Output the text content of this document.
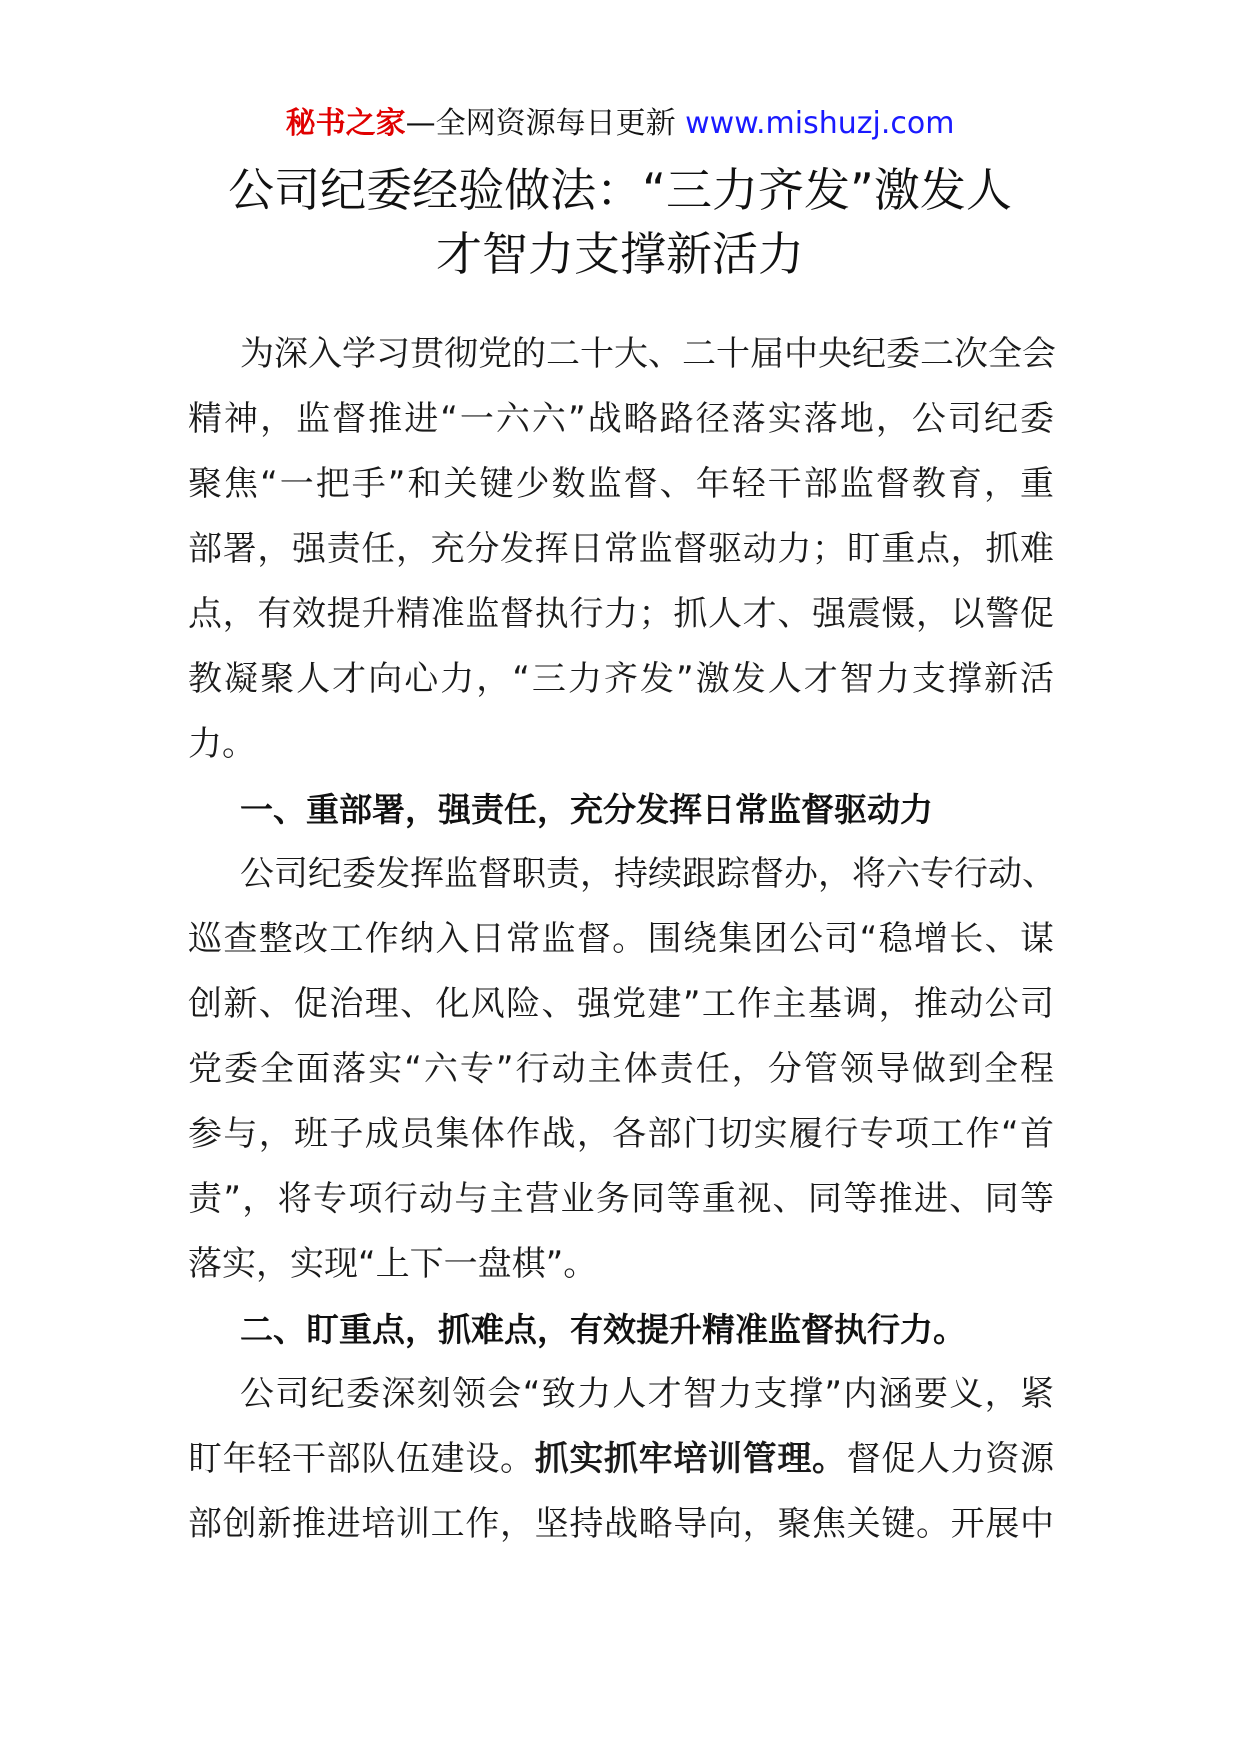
秘书之家—全网资源每日更新 www.mishuzj.com
公司纪委经验做法：“三力齐发”激发人
才智力支撑新活力

为深入学习贯彻党的二十大、二十届中央纪委二次全会
精神，监督推进“一六六”战略路径落实落地，公司纪委
聚焦“一把手”和关键少数监督、年轻干部监督教育，重
部署，强责任，充分发挥日常监督驱动力；盯重点，抓难
点，有效提升精准监督执行力；抓人才、强震慑，以警促
教凝聚人才向心力，“三力齐发”激发人才智力支撑新活
力。

一、重部署，强责任，充分发挥日常监督驱动力

公司纪委发挥监督职责，持续跟踪督办，将六专行动、
巡查整改工作纳入日常监督。围绕集团公司“稳增长、谋
创新、促治理、化风险、强党建”工作主基调，推动公司
党委全面落实“六专”行动主体责任，分管领导做到全程
参与，班子成员集体作战，各部门切实履行专项工作“首
责”，将专项行动与主营业务同等重视、同等推进、同等
落实，实现“上下一盘棋”。

二、盯重点，抓难点，有效提升精准监督执行力。

公司纪委深刻领会“致力人才智力支撑”内涵要义，紧
盯年轻干部队伍建设。抓实抓牢培训管理。督促人力资源
部创新推进培训工作，坚持战略导向，聚焦关键。开展中
